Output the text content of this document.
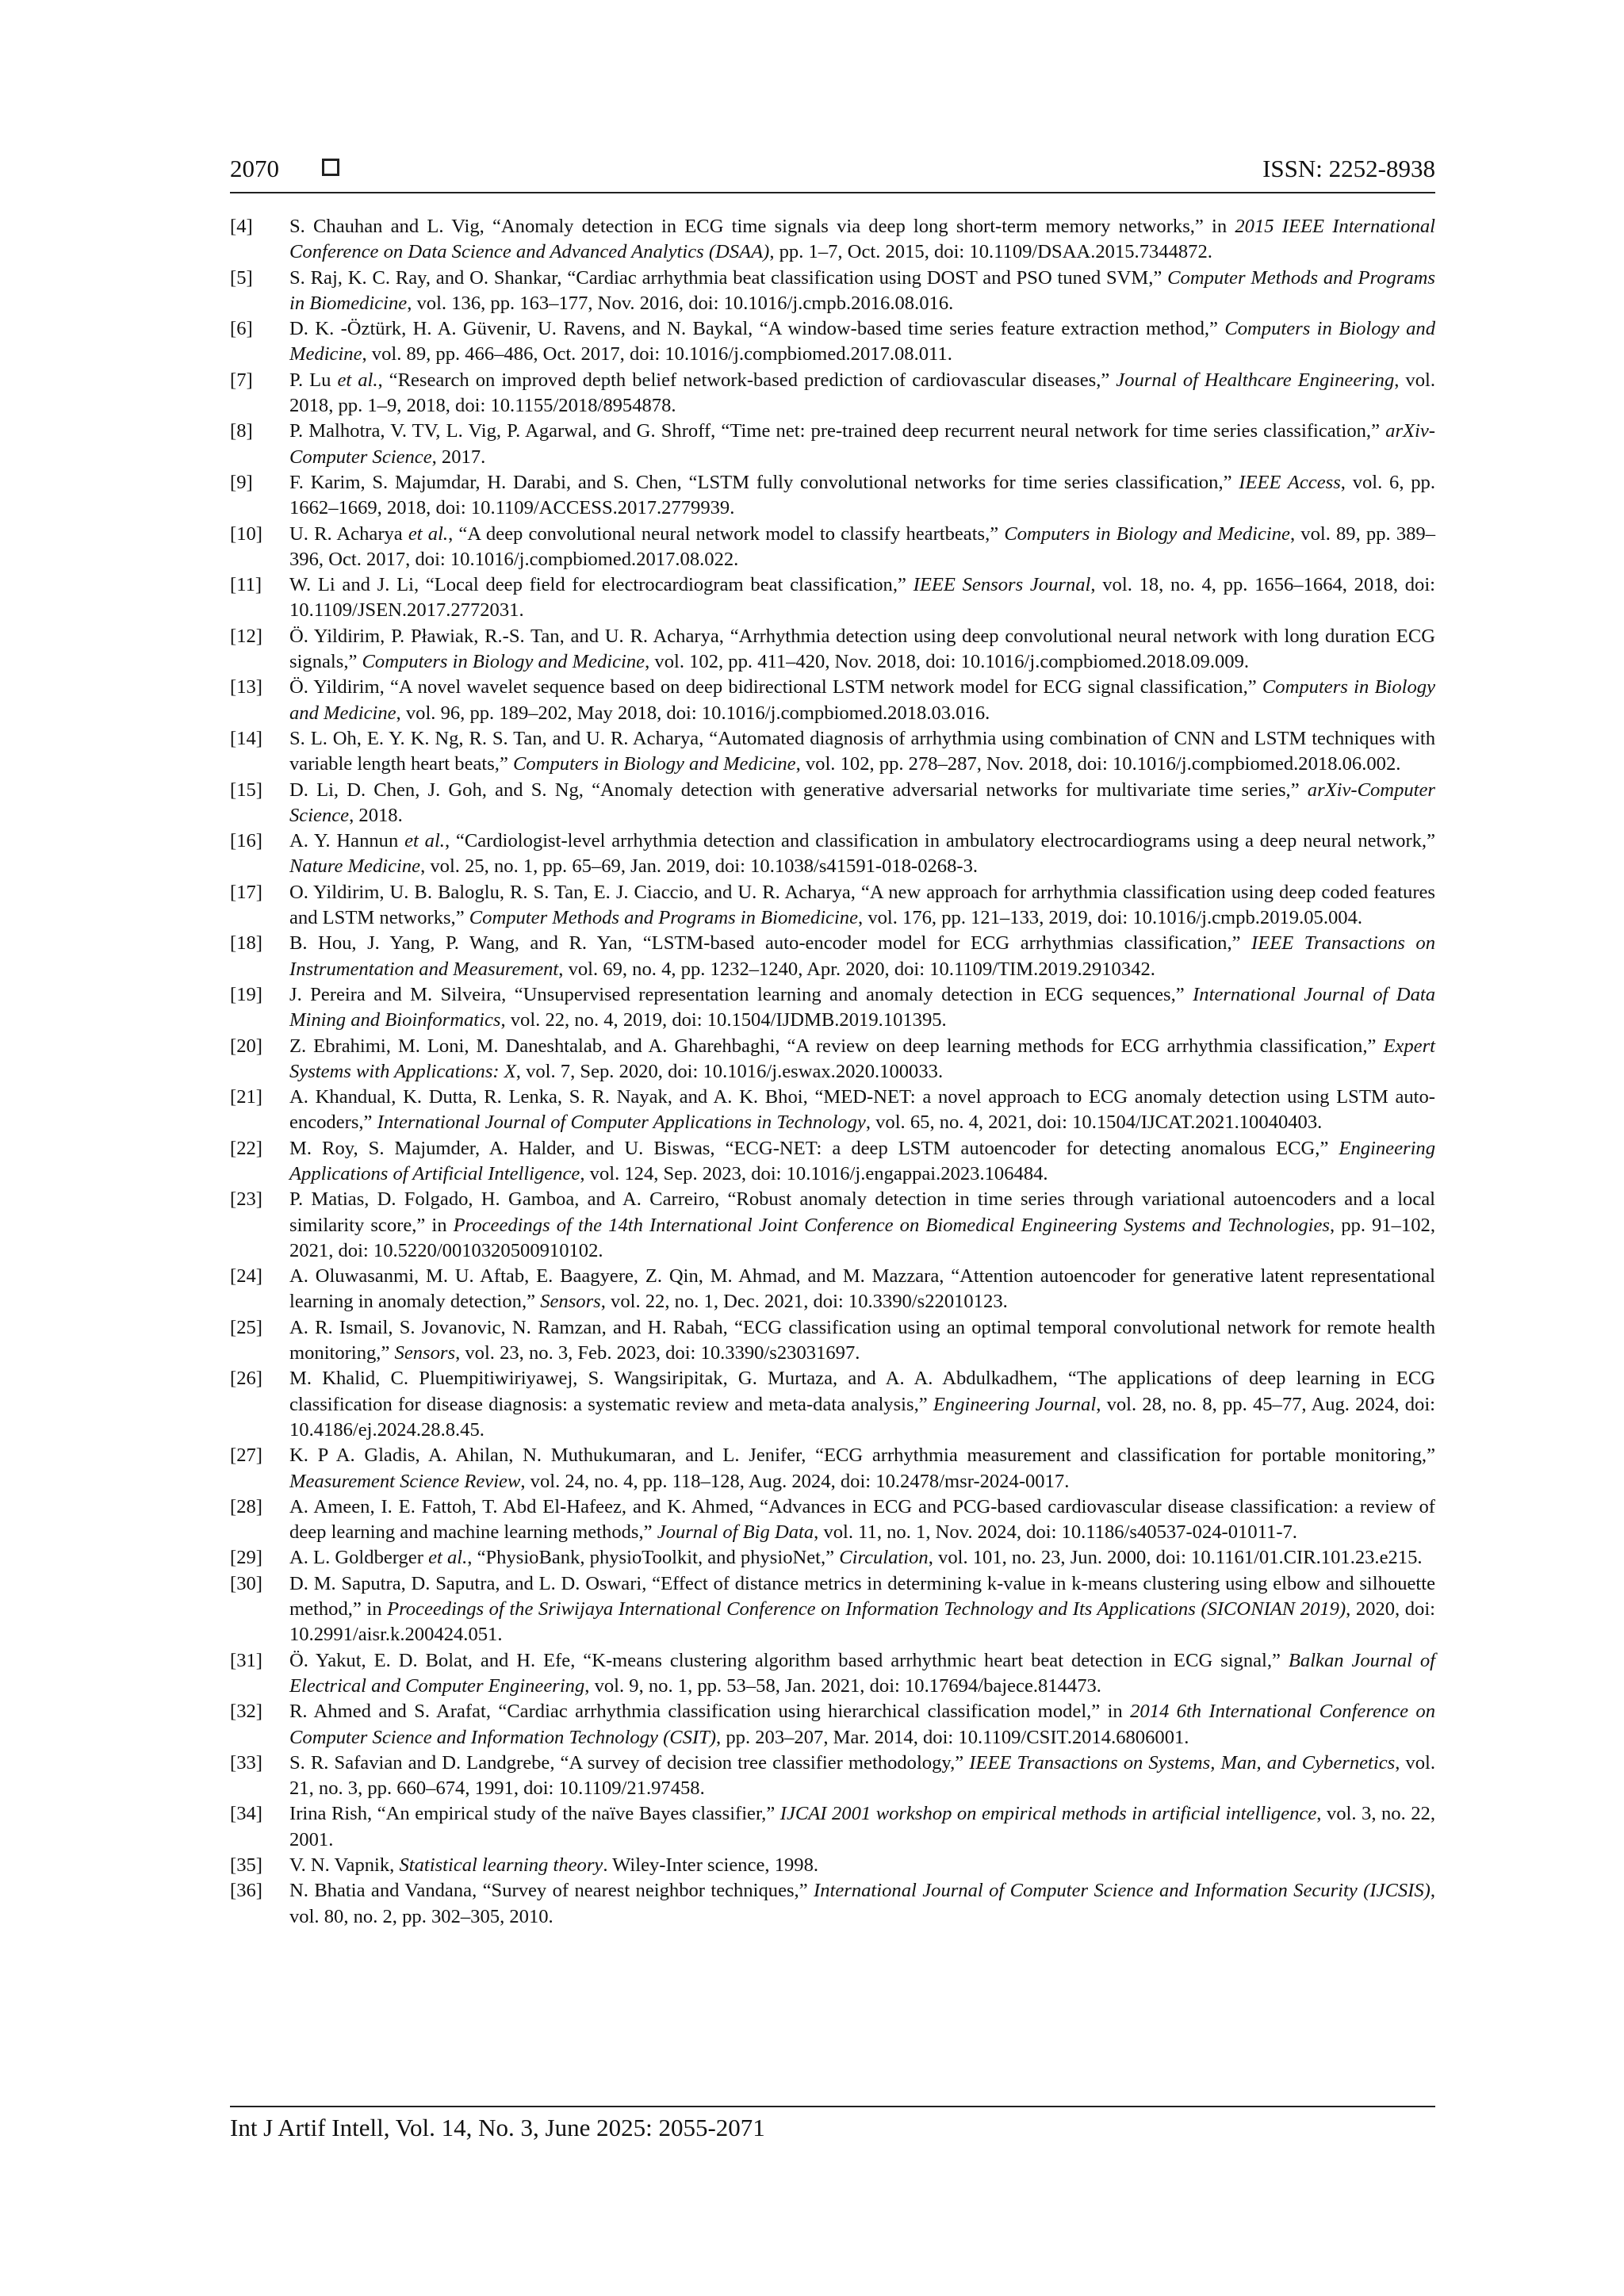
2070	ISSN: 2252-8938
[4] S. Chauhan and L. Vig, “Anomaly detection in ECG time signals via deep long short-term memory networks,” in 2015 IEEE International Conference on Data Science and Advanced Analytics (DSAA), pp. 1–7, Oct. 2015, doi: 10.1109/DSAA.2015.7344872.
[5] S. Raj, K. C. Ray, and O. Shankar, “Cardiac arrhythmia beat classification using DOST and PSO tuned SVM,” Computer Methods and Programs in Biomedicine, vol. 136, pp. 163–177, Nov. 2016, doi: 10.1016/j.cmpb.2016.08.016.
[6] D. K. -Öztürk, H. A. Güvenir, U. Ravens, and N. Baykal, “A window-based time series feature extraction method,” Computers in Biology and Medicine, vol. 89, pp. 466–486, Oct. 2017, doi: 10.1016/j.compbiomed.2017.08.011.
[7] P. Lu et al., “Research on improved depth belief network-based prediction of cardiovascular diseases,” Journal of Healthcare Engineering, vol. 2018, pp. 1–9, 2018, doi: 10.1155/2018/8954878.
[8] P. Malhotra, V. TV, L. Vig, P. Agarwal, and G. Shroff, “Time net: pre-trained deep recurrent neural network for time series classification,” arXiv-Computer Science, 2017.
[9] F. Karim, S. Majumdar, H. Darabi, and S. Chen, “LSTM fully convolutional networks for time series classification,” IEEE Access, vol. 6, pp. 1662–1669, 2018, doi: 10.1109/ACCESS.2017.2779939.
[10] U. R. Acharya et al., “A deep convolutional neural network model to classify heartbeats,” Computers in Biology and Medicine, vol. 89, pp. 389–396, Oct. 2017, doi: 10.1016/j.compbiomed.2017.08.022.
[11] W. Li and J. Li, “Local deep field for electrocardiogram beat classification,” IEEE Sensors Journal, vol. 18, no. 4, pp. 1656–1664, 2018, doi: 10.1109/JSEN.2017.2772031.
[12] Ö. Yildirim, P. Pławiak, R.-S. Tan, and U. R. Acharya, “Arrhythmia detection using deep convolutional neural network with long duration ECG signals,” Computers in Biology and Medicine, vol. 102, pp. 411–420, Nov. 2018, doi: 10.1016/j.compbiomed.2018.09.009.
[13] Ö. Yildirim, “A novel wavelet sequence based on deep bidirectional LSTM network model for ECG signal classification,” Computers in Biology and Medicine, vol. 96, pp. 189–202, May 2018, doi: 10.1016/j.compbiomed.2018.03.016.
[14] S. L. Oh, E. Y. K. Ng, R. S. Tan, and U. R. Acharya, “Automated diagnosis of arrhythmia using combination of CNN and LSTM techniques with variable length heart beats,” Computers in Biology and Medicine, vol. 102, pp. 278–287, Nov. 2018, doi: 10.1016/j.compbiomed.2018.06.002.
[15] D. Li, D. Chen, J. Goh, and S. Ng, “Anomaly detection with generative adversarial networks for multivariate time series,” arXiv-Computer Science, 2018.
[16] A. Y. Hannun et al., “Cardiologist-level arrhythmia detection and classification in ambulatory electrocardiograms using a deep neural network,” Nature Medicine, vol. 25, no. 1, pp. 65–69, Jan. 2019, doi: 10.1038/s41591-018-0268-3.
[17] O. Yildirim, U. B. Baloglu, R. S. Tan, E. J. Ciaccio, and U. R. Acharya, “A new approach for arrhythmia classification using deep coded features and LSTM networks,” Computer Methods and Programs in Biomedicine, vol. 176, pp. 121–133, 2019, doi: 10.1016/j.cmpb.2019.05.004.
[18] B. Hou, J. Yang, P. Wang, and R. Yan, “LSTM-based auto-encoder model for ECG arrhythmias classification,” IEEE Transactions on Instrumentation and Measurement, vol. 69, no. 4, pp. 1232–1240, Apr. 2020, doi: 10.1109/TIM.2019.2910342.
[19] J. Pereira and M. Silveira, “Unsupervised representation learning and anomaly detection in ECG sequences,” International Journal of Data Mining and Bioinformatics, vol. 22, no. 4, 2019, doi: 10.1504/IJDMB.2019.101395.
[20] Z. Ebrahimi, M. Loni, M. Daneshtalab, and A. Gharehbaghi, “A review on deep learning methods for ECG arrhythmia classification,” Expert Systems with Applications: X, vol. 7, Sep. 2020, doi: 10.1016/j.eswax.2020.100033.
[21] A. Khandual, K. Dutta, R. Lenka, S. R. Nayak, and A. K. Bhoi, “MED-NET: a novel approach to ECG anomaly detection using LSTM auto-encoders,” International Journal of Computer Applications in Technology, vol. 65, no. 4, 2021, doi: 10.1504/IJCAT.2021.10040403.
[22] M. Roy, S. Majumder, A. Halder, and U. Biswas, “ECG-NET: a deep LSTM autoencoder for detecting anomalous ECG,” Engineering Applications of Artificial Intelligence, vol. 124, Sep. 2023, doi: 10.1016/j.engappai.2023.106484.
[23] P. Matias, D. Folgado, H. Gamboa, and A. Carreiro, “Robust anomaly detection in time series through variational autoencoders and a local similarity score,” in Proceedings of the 14th International Joint Conference on Biomedical Engineering Systems and Technologies, pp. 91–102, 2021, doi: 10.5220/0010320500910102.
[24] A. Oluwasanmi, M. U. Aftab, E. Baagyere, Z. Qin, M. Ahmad, and M. Mazzara, “Attention autoencoder for generative latent representational learning in anomaly detection,” Sensors, vol. 22, no. 1, Dec. 2021, doi: 10.3390/s22010123.
[25] A. R. Ismail, S. Jovanovic, N. Ramzan, and H. Rabah, “ECG classification using an optimal temporal convolutional network for remote health monitoring,” Sensors, vol. 23, no. 3, Feb. 2023, doi: 10.3390/s23031697.
[26] M. Khalid, C. Pluempitiwiriyawej, S. Wangsiripitak, G. Murtaza, and A. A. Abdulkadhem, “The applications of deep learning in ECG classification for disease diagnosis: a systematic review and meta-data analysis,” Engineering Journal, vol. 28, no. 8, pp. 45–77, Aug. 2024, doi: 10.4186/ej.2024.28.8.45.
[27] K. P A. Gladis, A. Ahilan, N. Muthukumaran, and L. Jenifer, “ECG arrhythmia measurement and classification for portable monitoring,” Measurement Science Review, vol. 24, no. 4, pp. 118–128, Aug. 2024, doi: 10.2478/msr-2024-0017.
[28] A. Ameen, I. E. Fattoh, T. Abd El-Hafeez, and K. Ahmed, “Advances in ECG and PCG-based cardiovascular disease classification: a review of deep learning and machine learning methods,” Journal of Big Data, vol. 11, no. 1, Nov. 2024, doi: 10.1186/s40537-024-01011-7.
[29] A. L. Goldberger et al., “PhysioBank, physioToolkit, and physioNet,” Circulation, vol. 101, no. 23, Jun. 2000, doi: 10.1161/01.CIR.101.23.e215.
[30] D. M. Saputra, D. Saputra, and L. D. Oswari, “Effect of distance metrics in determining k-value in k-means clustering using elbow and silhouette method,” in Proceedings of the Sriwijaya International Conference on Information Technology and Its Applications (SICONIAN 2019), 2020, doi: 10.2991/aisr.k.200424.051.
[31] Ö. Yakut, E. D. Bolat, and H. Efe, “K-means clustering algorithm based arrhythmic heart beat detection in ECG signal,” Balkan Journal of Electrical and Computer Engineering, vol. 9, no. 1, pp. 53–58, Jan. 2021, doi: 10.17694/bajece.814473.
[32] R. Ahmed and S. Arafat, “Cardiac arrhythmia classification using hierarchical classification model,” in 2014 6th International Conference on Computer Science and Information Technology (CSIT), pp. 203–207, Mar. 2014, doi: 10.1109/CSIT.2014.6806001.
[33] S. R. Safavian and D. Landgrebe, “A survey of decision tree classifier methodology,” IEEE Transactions on Systems, Man, and Cybernetics, vol. 21, no. 3, pp. 660–674, 1991, doi: 10.1109/21.97458.
[34] Irina Rish, “An empirical study of the naïve Bayes classifier,” IJCAI 2001 workshop on empirical methods in artificial intelligence, vol. 3, no. 22, 2001.
[35] V. N. Vapnik, Statistical learning theory. Wiley-Inter science, 1998.
[36] N. Bhatia and Vandana, “Survey of nearest neighbor techniques,” International Journal of Computer Science and Information Security (IJCSIS), vol. 80, no. 2, pp. 302–305, 2010.
Int J Artif Intell, Vol. 14, No. 3, June 2025: 2055-2071
